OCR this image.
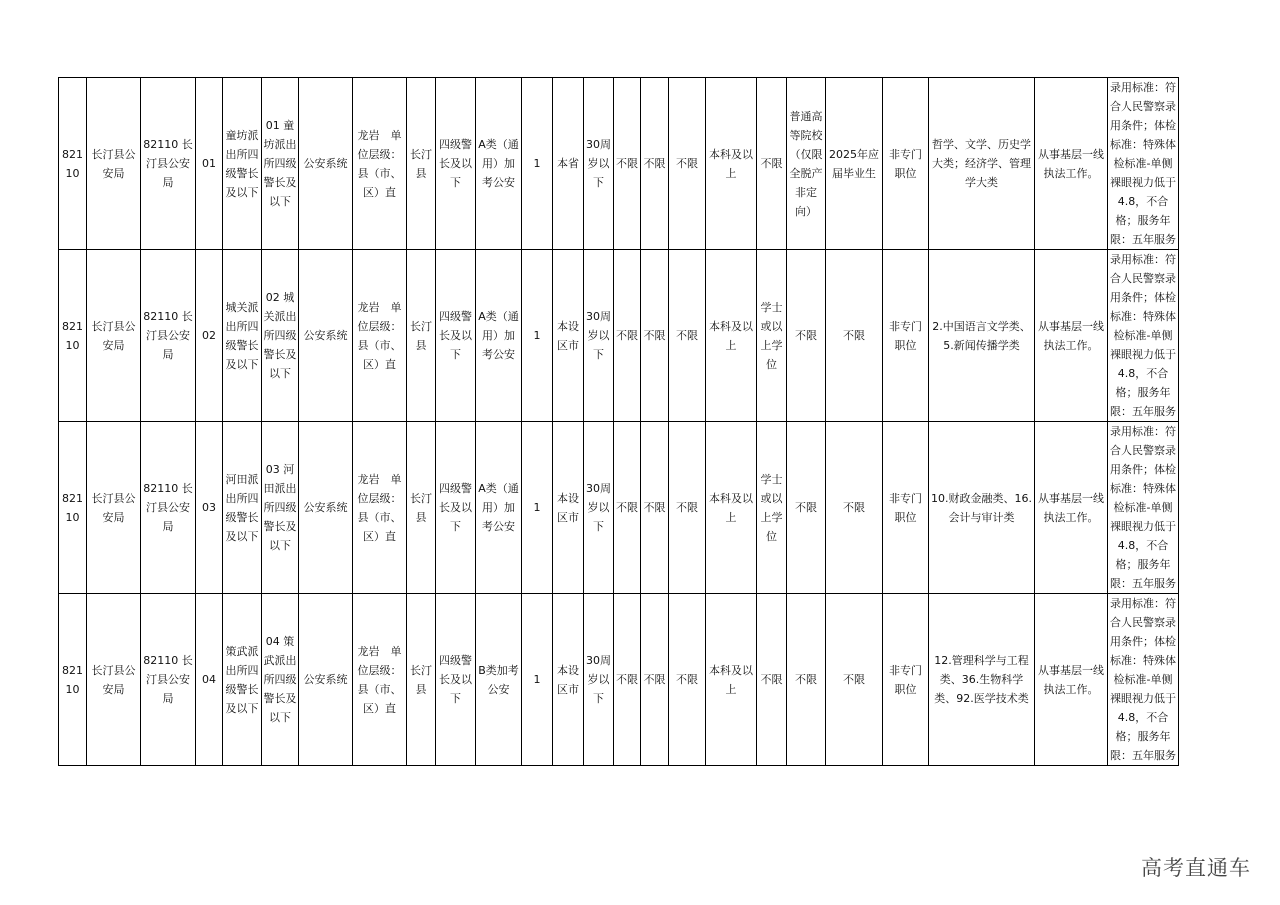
82110	长汀县公安局	82110 长汀县公安局	01	童坊派出所四级警长及以下	01 童坊派出所四级警长及以下	公安系统	龙岩　单位层级：县（市、区）直	长汀县	四级警长及以下	A类（通用）加考公安	1	本省	30周岁以下	不限	不限	不限	本科及以上	不限	普通高等院校（仅限全脱产非定向）	2025年应届毕业生	非专门职位	哲学、文学、历史学大类；经济学、管理学大类	从事基层一线执法工作。	录用标准：符合人民警察录用条件；体检标准：特殊体检标准-单侧裸眼视力低于4.8，不合格；服务年限：五年服务
82110	长汀县公安局	82110 长汀县公安局	02	城关派出所四级警长及以下	02 城关派出所四级警长及以下	公安系统	龙岩　单位层级：县（市、区）直	长汀县	四级警长及以下	A类（通用）加考公安	1	本设区市	30周岁以下	不限	不限	不限	本科及以上	学士或以上学位	不限	不限	非专门职位	2.中国语言文学类、5.新闻传播学类	从事基层一线执法工作。	录用标准：符合人民警察录用条件；体检标准：特殊体检标准-单侧裸眼视力低于4.8，不合格；服务年限：五年服务
82110	长汀县公安局	82110 长汀县公安局	03	河田派出所四级警长及以下	03 河田派出所四级警长及以下	公安系统	龙岩　单位层级：县（市、区）直	长汀县	四级警长及以下	A类（通用）加考公安	1	本设区市	30周岁以下	不限	不限	不限	本科及以上	学士或以上学位	不限	不限	非专门职位	10.财政金融类、16.会计与审计类	从事基层一线执法工作。	录用标准：符合人民警察录用条件；体检标准：特殊体检标准-单侧裸眼视力低于4.8，不合格；服务年限：五年服务
82110	长汀县公安局	82110 长汀县公安局	04	策武派出所四级警长及以下	04 策武派出所四级警长及以下	公安系统	龙岩　单位层级：县（市、区）直	长汀县	四级警长及以下	B类加考公安	1	本设区市	30周岁以下	不限	不限	不限	本科及以上	不限	不限	不限	非专门职位	12.管理科学与工程类、36.生物科学类、92.医学技术类	从事基层一线执法工作。	录用标准：符合人民警察录用条件；体检标准：特殊体检标准-单侧裸眼视力低于4.8，不合格；服务年限：五年服务
高考直通车
